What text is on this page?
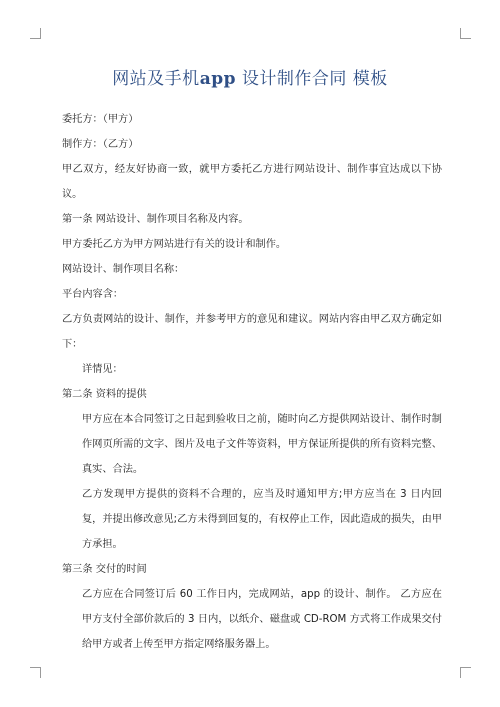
网站及手机app 设计制作合同 模板

委托方：（甲方）

制作方：（乙方）

甲乙双方，经友好协商一致，就甲方委托乙方进行网站设计、制作事宜达成以下协议。

第一条 网站设计、制作项目名称及内容。

甲方委托乙方为甲方网站进行有关的设计和制作。

网站设计、制作项目名称：

平台内容含：

乙方负责网站的设计、制作，并参考甲方的意见和建议。网站内容由甲乙双方确定如下：

详情见：

第二条 资料的提供

甲方应在本合同签订之日起到验收日之前，随时向乙方提供网站设计、制作时制作网页所需的文字、图片及电子文件等资料，甲方保证所提供的所有资料完整、真实、合法。

乙方发现甲方提供的资料不合理的，应当及时通知甲方;甲方应当在 3 日内回复，并提出修改意见;乙方未得到回复的，有权停止工作，因此造成的损失，由甲方承担。

第三条 交付的时间

乙方应在合同签订后 60 工作日内，完成网站，app 的设计、制作。 乙方应在甲方支付全部价款后的 3 日内，以纸介、磁盘或 CD-ROM 方式将工作成果交付给甲方或者上传至甲方指定网络服务器上。
